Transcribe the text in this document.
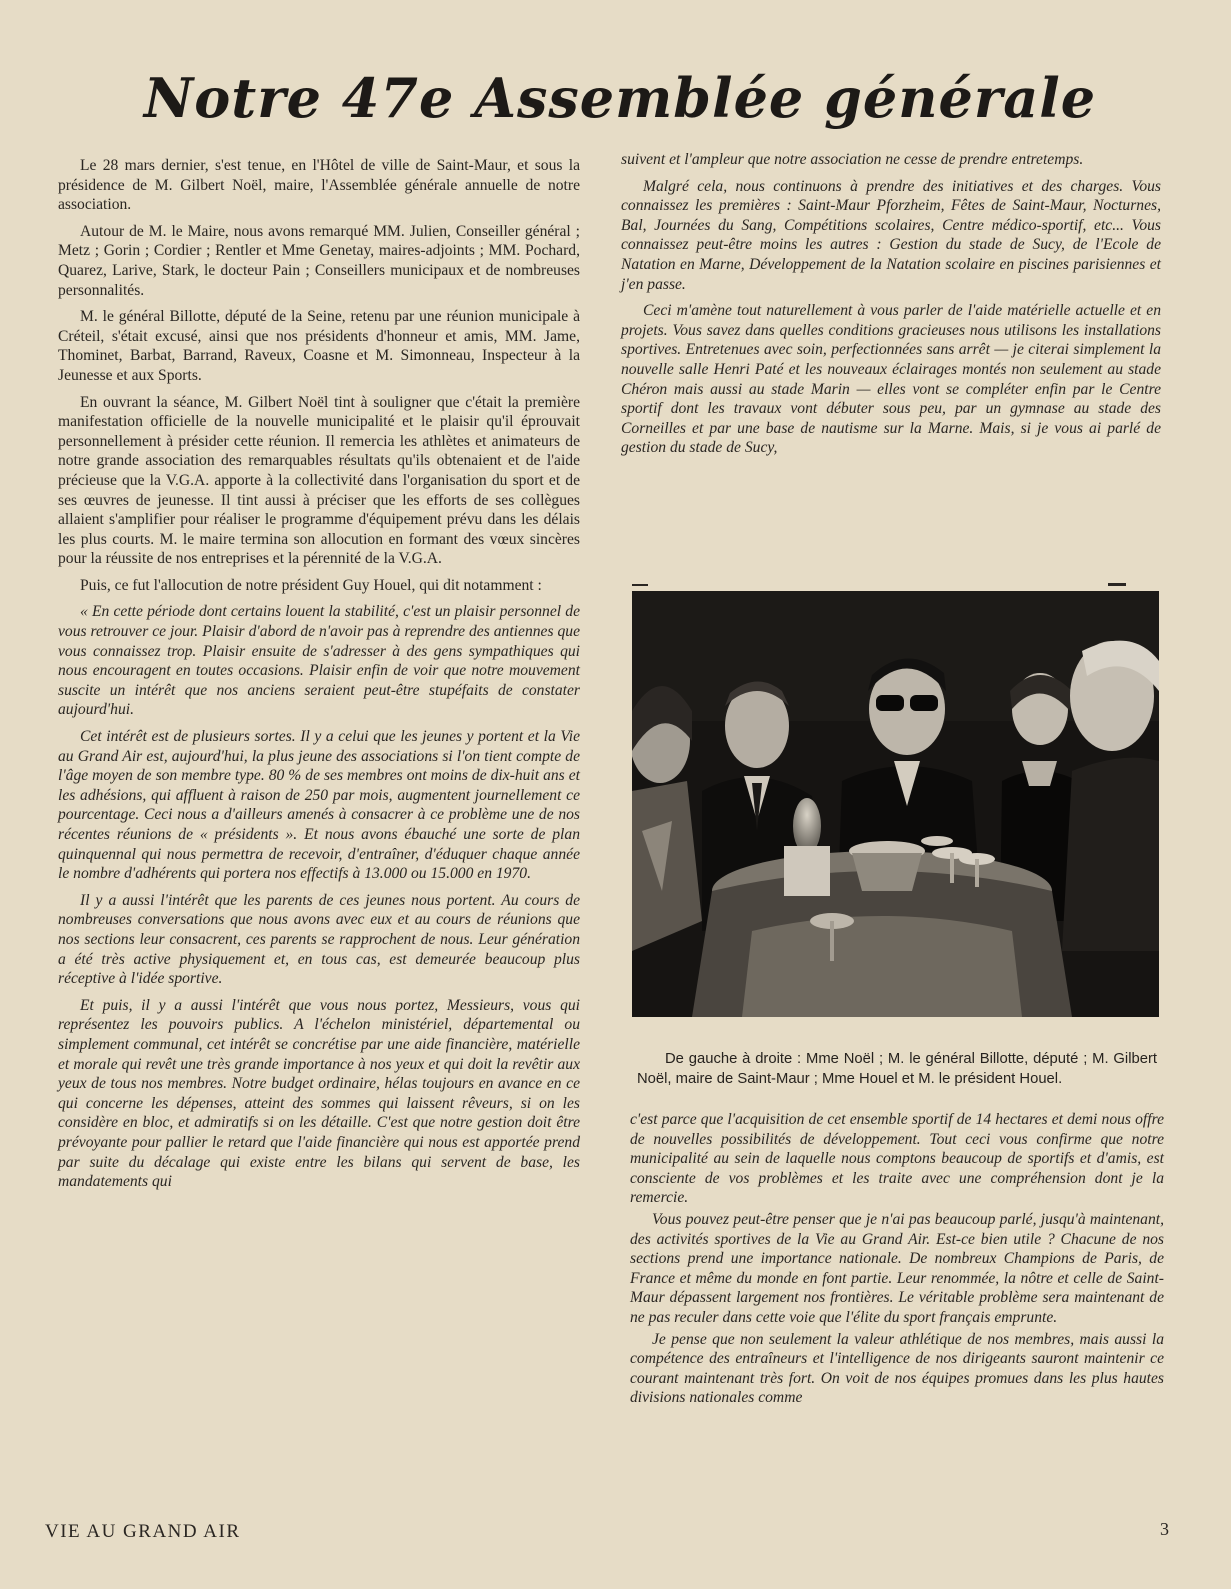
Notre 47e Assemblée générale

Le 28 mars dernier, s'est tenue, en l'Hôtel de ville de Saint-Maur, et sous la présidence de M. Gilbert Noël, maire, l'Assemblée générale annuelle de notre association.

Autour de M. le Maire, nous avons remarqué MM. Julien, Conseiller général ; Metz ; Gorin ; Cordier ; Rentler et Mme Genetay, maires-adjoints ; MM. Pochard, Quarez, Larive, Stark, le docteur Pain ; Conseillers municipaux et de nombreuses personnalités.

M. le général Billotte, député de la Seine, retenu par une réunion municipale à Créteil, s'était excusé, ainsi que nos présidents d'honneur et amis, MM. Jame, Thominet, Barbat, Barrand, Raveux, Coasne et M. Simonneau, Inspecteur à la Jeunesse et aux Sports.

En ouvrant la séance, M. Gilbert Noël tint à souligner que c'était la première manifestation officielle de la nouvelle municipalité et le plaisir qu'il éprouvait personnellement à présider cette réunion. Il remercia les athlètes et animateurs de notre grande association des remarquables résultats qu'ils obtenaient et de l'aide précieuse que la V.G.A. apporte à la collectivité dans l'organisation du sport et de ses œuvres de jeunesse. Il tint aussi à préciser que les efforts de ses collègues allaient s'amplifier pour réaliser le programme d'équipement prévu dans les délais les plus courts. M. le maire termina son allocution en formant des vœux sincères pour la réussite de nos entreprises et la pérennité de la V.G.A.

Puis, ce fut l'allocution de notre président Guy Houel, qui dit notamment :

« En cette période dont certains louent la stabilité, c'est un plaisir personnel de vous retrouver ce jour. Plaisir d'abord de n'avoir pas à reprendre des antiennes que vous connaissez trop. Plaisir ensuite de s'adresser à des gens sympathiques qui nous encouragent en toutes occasions. Plaisir enfin de voir que notre mouvement suscite un intérêt que nos anciens seraient peut-être stupéfaits de constater aujourd'hui.

Cet intérêt est de plusieurs sortes. Il y a celui que les jeunes y portent et la Vie au Grand Air est, aujourd'hui, la plus jeune des associations si l'on tient compte de l'âge moyen de son membre type. 80 % de ses membres ont moins de dix-huit ans et les adhésions, qui affluent à raison de 250 par mois, augmentent journellement ce pourcentage. Ceci nous a d'ailleurs amenés à consacrer à ce problème une de nos récentes réunions de « présidents ». Et nous avons ébauché une sorte de plan quinquennal qui nous permettra de recevoir, d'entraîner, d'éduquer chaque année le nombre d'adhérents qui portera nos effectifs à 13.000 ou 15.000 en 1970.

Il y a aussi l'intérêt que les parents de ces jeunes nous portent. Au cours de nombreuses conversations que nous avons avec eux et au cours de réunions que nos sections leur consacrent, ces parents se rapprochent de nous. Leur génération a été très active physiquement et, en tous cas, est demeurée beaucoup plus réceptive à l'idée sportive.

Et puis, il y a aussi l'intérêt que vous nous portez, Messieurs, vous qui représentez les pouvoirs publics. A l'échelon ministériel, départemental ou simplement communal, cet intérêt se concrétise par une aide financière, matérielle et morale qui revêt une très grande importance à nos yeux et qui doit la revêtir aux yeux de tous nos membres. Notre budget ordinaire, hélas toujours en avance en ce qui concerne les dépenses, atteint des sommes qui laissent rêveurs, si on les considère en bloc, et admiratifs si on les détaille. C'est que notre gestion doit être prévoyante pour pallier le retard que l'aide financière qui nous est apportée prend par suite du décalage qui existe entre les bilans qui servent de base, les mandatements qui

suivent et l'ampleur que notre association ne cesse de prendre entretemps.

Malgré cela, nous continuons à prendre des initiatives et des charges. Vous connaissez les premières : Saint-Maur Pforzheim, Fêtes de Saint-Maur, Nocturnes, Bal, Journées du Sang, Compétitions scolaires, Centre médico-sportif, etc... Vous connaissez peut-être moins les autres : Gestion du stade de Sucy, de l'Ecole de Natation en Marne, Développement de la Natation scolaire en piscines parisiennes et j'en passe.

Ceci m'amène tout naturellement à vous parler de l'aide matérielle actuelle et en projets. Vous savez dans quelles conditions gracieuses nous utilisons les installations sportives. Entretenues avec soin, perfectionnées sans arrêt — je citerai simplement la nouvelle salle Henri Paté et les nouveaux éclairages montés non seulement au stade Chéron mais aussi au stade Marin — elles vont se compléter enfin par le Centre sportif dont les travaux vont débuter sous peu, par un gymnase au stade des Corneilles et par une base de nautisme sur la Marne. Mais, si je vous ai parlé de gestion du stade de Sucy,

De gauche à droite : Mme Noël ; M. le général Billotte, député ; M. Gilbert Noël, maire de Saint-Maur ; Mme Houel et M. le président Houel.

c'est parce que l'acquisition de cet ensemble sportif de 14 hectares et demi nous offre de nouvelles possibilités de développement. Tout ceci vous confirme que notre municipalité au sein de laquelle nous comptons beaucoup de sportifs et d'amis, est consciente de vos problèmes et les traite avec une compréhension dont je la remercie.

Vous pouvez peut-être penser que je n'ai pas beaucoup parlé, jusqu'à maintenant, des activités sportives de la Vie au Grand Air. Est-ce bien utile ? Chacune de nos sections prend une importance nationale. De nombreux Champions de Paris, de France et même du monde en font partie. Leur renommée, la nôtre et celle de Saint-Maur dépassent largement nos frontières. Le véritable problème sera maintenant de ne pas reculer dans cette voie que l'élite du sport français emprunte.

Je pense que non seulement la valeur athlétique de nos membres, mais aussi la compétence des entraîneurs et l'intelligence de nos dirigeants sauront maintenir ce courant maintenant très fort. On voit de nos équipes promues dans les plus hautes divisions nationales comme

VIE AU GRAND AIR	3
